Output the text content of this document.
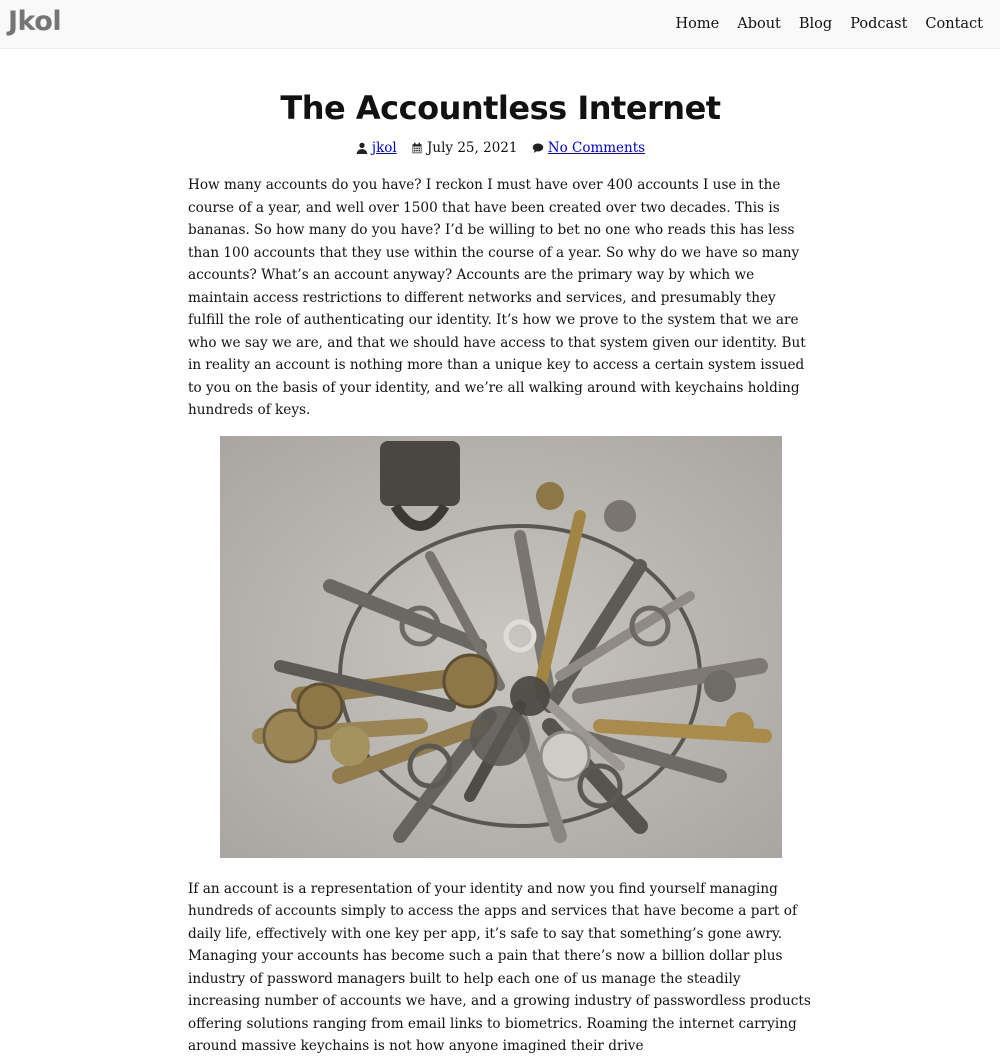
Jkol	Home About Blog Podcast Contact
The Accountless Internet
jkol
July 25, 2021
No Comments

How many accounts do you have? I reckon I must have over 400 accounts I use in the course of a year, and well over 1500 that have been created over two decades. This is bananas. So how many do you have? I’d be willing to bet no one who reads this has less than 100 accounts that they use within the course of a year. So why do we have so many accounts? What’s an account anyway? Accounts are the primary way by which we maintain access restrictions to different networks and services, and presumably they fulfill the role of authenticating our identity. It’s how we prove to the system that we are who we say we are, and that we should have access to that system given our identity. But in reality an account is nothing more than a unique key to access a certain system issued to you on the basis of your identity, and we’re all walking around with keychains holding hundreds of keys.

If an account is a representation of your identity and now you find yourself managing hundreds of accounts simply to access the apps and services that have become a part of daily life, effectively with one key per app, it’s safe to say that something’s gone awry. Managing your accounts has become such a pain that there’s now a billion dollar plus industry of password managers built to help each one of us manage the steadily increasing number of accounts we have, and a growing industry of passwordless products offering solutions ranging from email links to biometrics. Roaming the internet carrying around massive keychains is not how anyone imagined their drive
